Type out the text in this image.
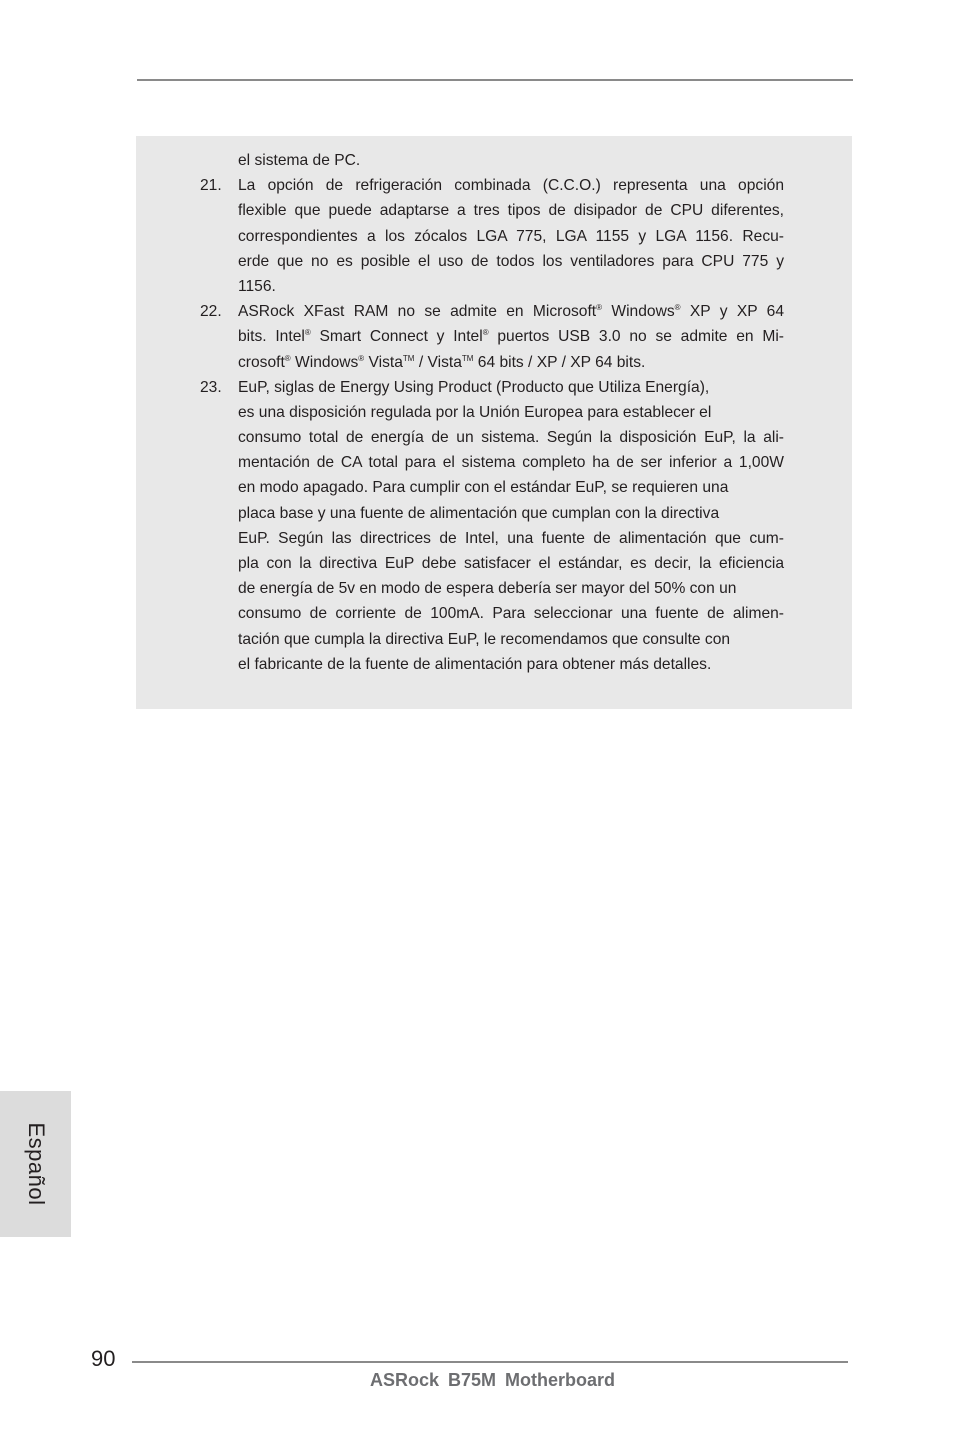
el sistema de PC.
21. La opción de refrigeración combinada (C.C.O.) representa una opción
flexible que puede adaptarse a tres tipos de disipador de CPU diferentes,
correspondientes a los zócalos LGA 775, LGA 1155 y LGA 1156. Recu-
erde que no es posible el uso de todos los ventiladores para CPU 775 y
1156.
22. ASRock XFast RAM no se admite en Microsoft® Windows® XP y XP 64
bits. Intel® Smart Connect y Intel® puertos USB 3.0 no se admite en Mi-
crosoft® Windows® Vista™ / Vista™ 64 bits / XP / XP 64 bits.
23. EuP, siglas de Energy Using Product (Producto que Utiliza Energía),
es una disposición regulada por la Unión Europea para establecer el
consumo total de energía de un sistema. Según la disposición EuP, la ali-
mentación de CA total para el sistema completo ha de ser inferior a 1,00W
en modo apagado. Para cumplir con el estándar EuP, se requieren una
placa base y una fuente de alimentación que cumplan con la directiva
EuP. Según las directrices de Intel, una fuente de alimentación que cum-
pla con la directiva EuP debe satisfacer el estándar, es decir, la eficiencia
de energía de 5v en modo de espera debería ser mayor del 50% con un
consumo de corriente de 100mA. Para seleccionar una fuente de alimen-
tación que cumpla la directiva EuP, le recomendamos que consulte con
el fabricante de la fuente de alimentación para obtener más detalles.
Español
90
ASRock B75M Motherboard
